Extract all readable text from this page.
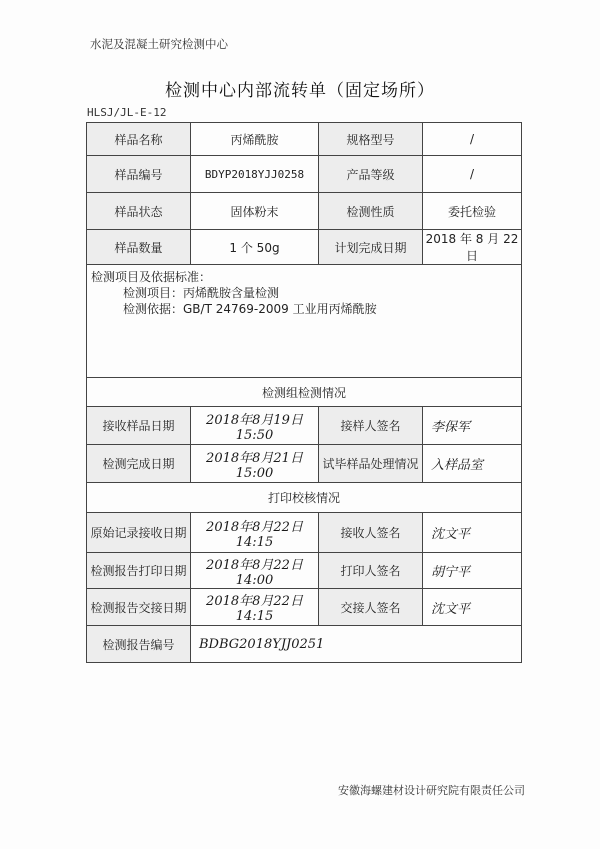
水泥及混凝土研究检测中心
检测中心内部流转单（固定场所）
HLSJ/JL-E-12
样品名称	丙烯酰胺	规格型号	/
样品编号	BDYP2018YJJ0258	产品等级	/
样品状态	固体粉末	检测性质	委托检验
样品数量	1 个 50g	计划完成日期	2018 年 8 月 22 日

检测项目及依据标准：
检测项目：丙烯酰胺含量检测
检测依据：GB/T 24769-2009 工业用丙烯酰胺			

检测组检测情况			
接收样品日期	2018年8月19日15:50	接样人签名	李保军
检测完成日期	2018年8月21日15:00	试毕样品处理情况	入样品室
打印校核情况			
原始记录接收日期	2018年8月22日14:15	接收人签名	沈文平
检测报告打印日期	2018年8月22日14:00	打印人签名	胡宁平
检测报告交接日期	2018年8月22日14:15	交接人签名	沈文平
检测报告编号	BDBG2018YJJ0251		
安徽海螺建材设计研究院有限责任公司
